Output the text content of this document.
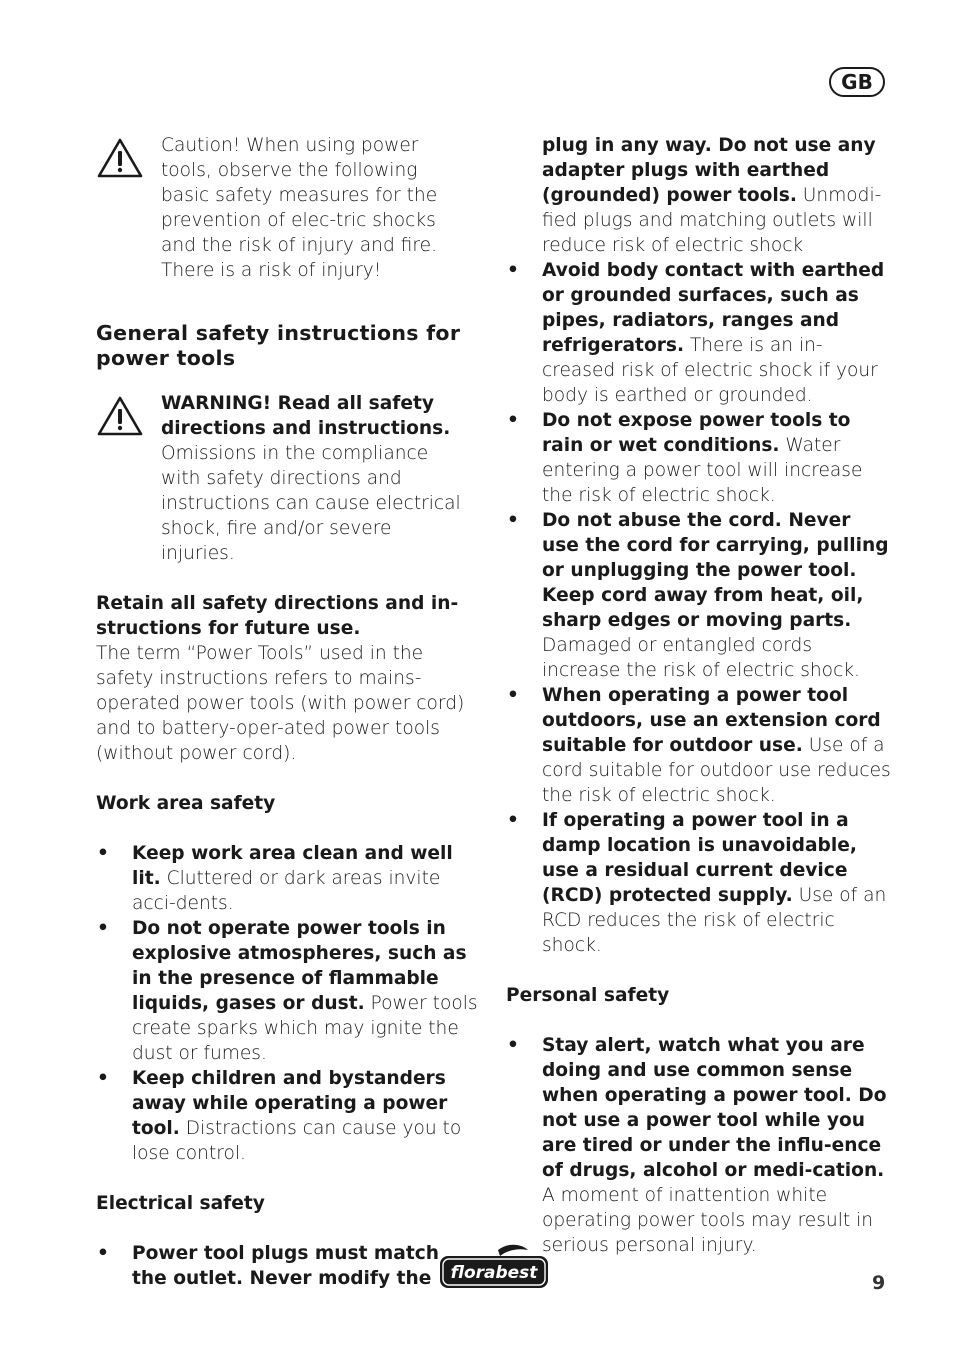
GB

Caution! When using power tools, observe the following basic safety measures for the prevention of elec-tric shocks and the risk of injury and fire. There is a risk of injury!

General safety instructions for power tools

WARNING! Read all safety directions and instructions. Omissions in the compliance with safety directions and instructions can cause electrical shock, fire and/or severe injuries.

Retain all safety directions and in-structions for future use.

The term “Power Tools” used in the safety instructions refers to mains-operated power tools (with power cord) and to battery-oper-ated power tools (without power cord).

Work area safety
• Keep work area clean and well lit. Cluttered or dark areas invite acci-dents.
• Do not operate power tools in explosive atmospheres, such as in the presence of flammable liquids, gases or dust. Power tools create sparks which may ignite the dust or fumes.
• Keep children and bystanders away while operating a power tool. Distractions can cause you to lose control.
Electrical safety
• Power tool plugs must match the outlet. Never modify the
plug in any way. Do not use any adapter plugs with earthed (grounded) power tools. Unmodi-fied plugs and matching outlets will reduce risk of electric shock
• Avoid body contact with earthed or grounded surfaces, such as pipes, radiators, ranges and refrigerators. There is an in-creased risk of electric shock if your body is earthed or grounded.
• Do not expose power tools to rain or wet conditions. Water entering a power tool will increase the risk of electric shock.
• Do not abuse the cord. Never use the cord for carrying, pulling or unplugging the power tool. Keep cord away from heat, oil, sharp edges or moving parts. Damaged or entangled cords increase the risk of electric shock.
• When operating a power tool outdoors, use an extension cord suitable for outdoor use. Use of a cord suitable for outdoor use reduces the risk of electric shock.
• If operating a power tool in a damp location is unavoidable, use a residual current device (RCD) protected supply. Use of an RCD reduces the risk of electric shock.
Personal safety
• Stay alert, watch what you are doing and use common sense when operating a power tool. Do not use a power tool while you are tired or under the influ-ence of drugs, alcohol or medi-cation. A moment of inattention white operating power tools may result in serious personal injury.
florabest	9
